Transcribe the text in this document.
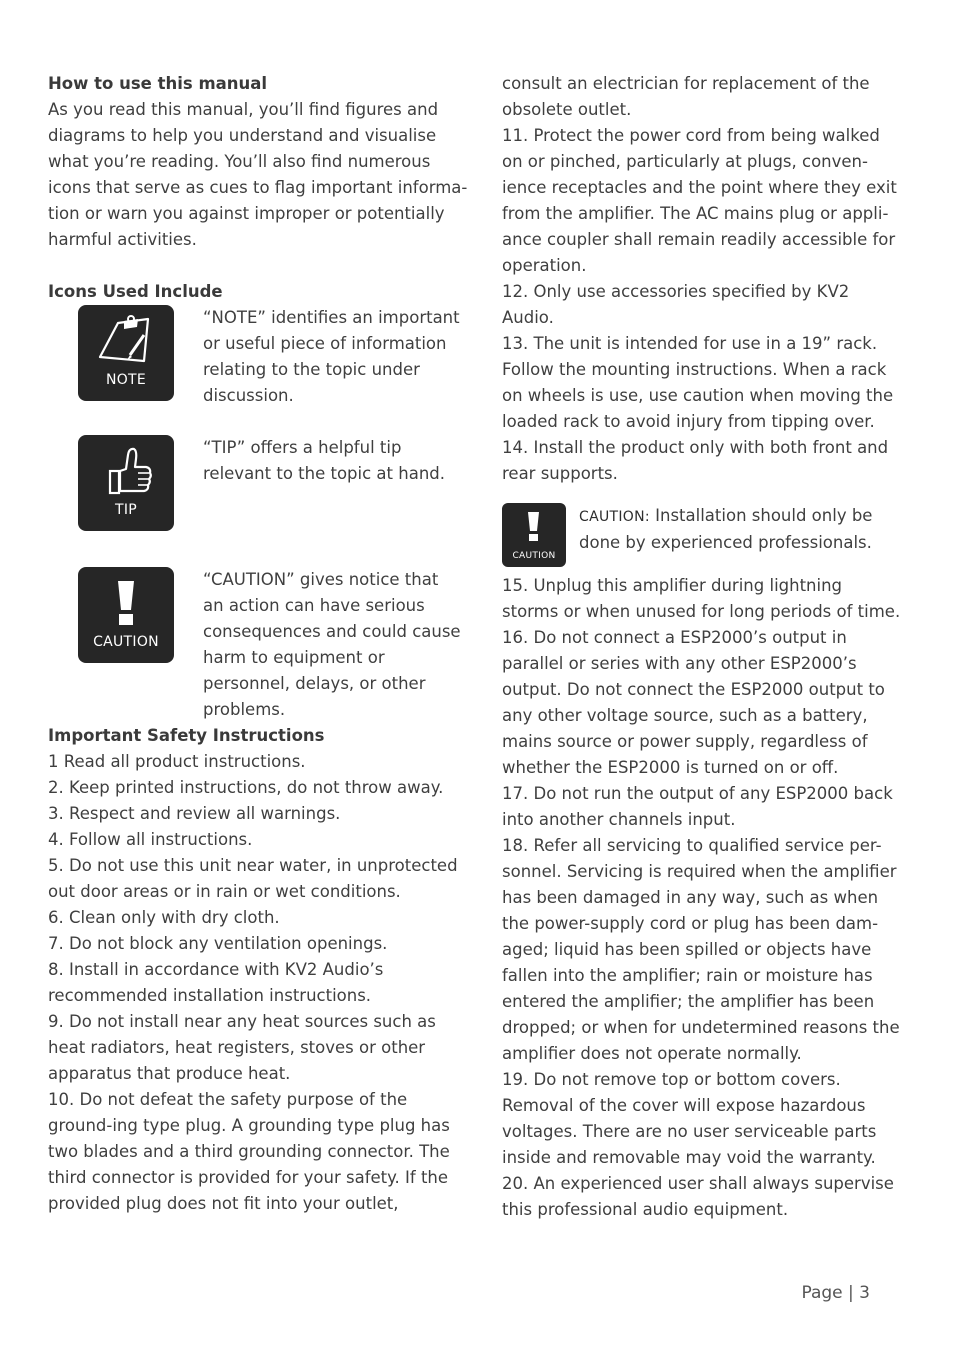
How to use this manual

As you read this manual, you’ll find figures and diagrams to help you understand and visualise what you’re reading. You’ll also find numerous icons that serve as cues to flag important informa-tion or warn you against improper or potentially harmful activities.

Icons Used Include

NOTE

“NOTE” identifies an important or useful piece of information relating to the topic under discussion.

TIP

“TIP” offers a helpful tip relevant to the topic at hand.

CAUTION

“CAUTION” gives notice that an action can have serious consequences and could cause harm to equipment or personnel, delays, or other problems.

Important Safety Instructions

1 Read all product instructions.

2. Keep printed instructions, do not throw away.

3. Respect and review all warnings.

4. Follow all instructions.

5. Do not use this unit near water, in unprotected out door areas or in rain or wet conditions.

6. Clean only with dry cloth.

7. Do not block any ventilation openings.

8. Install in accordance with KV2 Audio’s recommended installation instructions.

9. Do not install near any heat sources such as heat radiators, heat registers, stoves or other apparatus that produce heat.

10. Do not defeat the safety purpose of the ground-ing type plug. A grounding type plug has two blades and a third grounding connector. The third connector is provided for your safety. If the provided plug does not fit into your outlet,

consult an electrician for replacement of the obsolete outlet.

11. Protect the power cord from being walked on or pinched, particularly at plugs, conven-ience receptacles and the point where they exit from the amplifier. The AC mains plug or appli-ance coupler shall remain readily accessible for operation.

12. Only use accessories specified by KV2 Audio.

13. The unit is intended for use in a 19” rack. Follow the mounting instructions. When a rack on wheels is use, use caution when moving the loaded rack to avoid injury from tipping over.

14. Install the product only with both front and rear supports.

CAUTION

CAUTION: Installation should only be done by experienced professionals.

15. Unplug this amplifier during lightning storms or when unused for long periods of time.

16. Do not connect a ESP2000’s output in parallel or series with any other ESP2000’s output. Do not connect the ESP2000 output to any other voltage source, such as a battery, mains source or power supply, regardless of whether the ESP2000 is turned on or off.

17. Do not run the output of any ESP2000 back into another channels input.

18. Refer all servicing to qualified service per-sonnel. Servicing is required when the amplifier has been damaged in any way, such as when the power-supply cord or plug has been dam-aged; liquid has been spilled or objects have fallen into the amplifier; rain or moisture has entered the amplifier; the amplifier has been dropped; or when for undetermined reasons the amplifier does not operate normally.

19. Do not remove top or bottom covers. Removal of the cover will expose hazardous voltages. There are no user serviceable parts inside and removable may void the warranty.

20. An experienced user shall always supervise this professional audio equipment.

Page | 3
